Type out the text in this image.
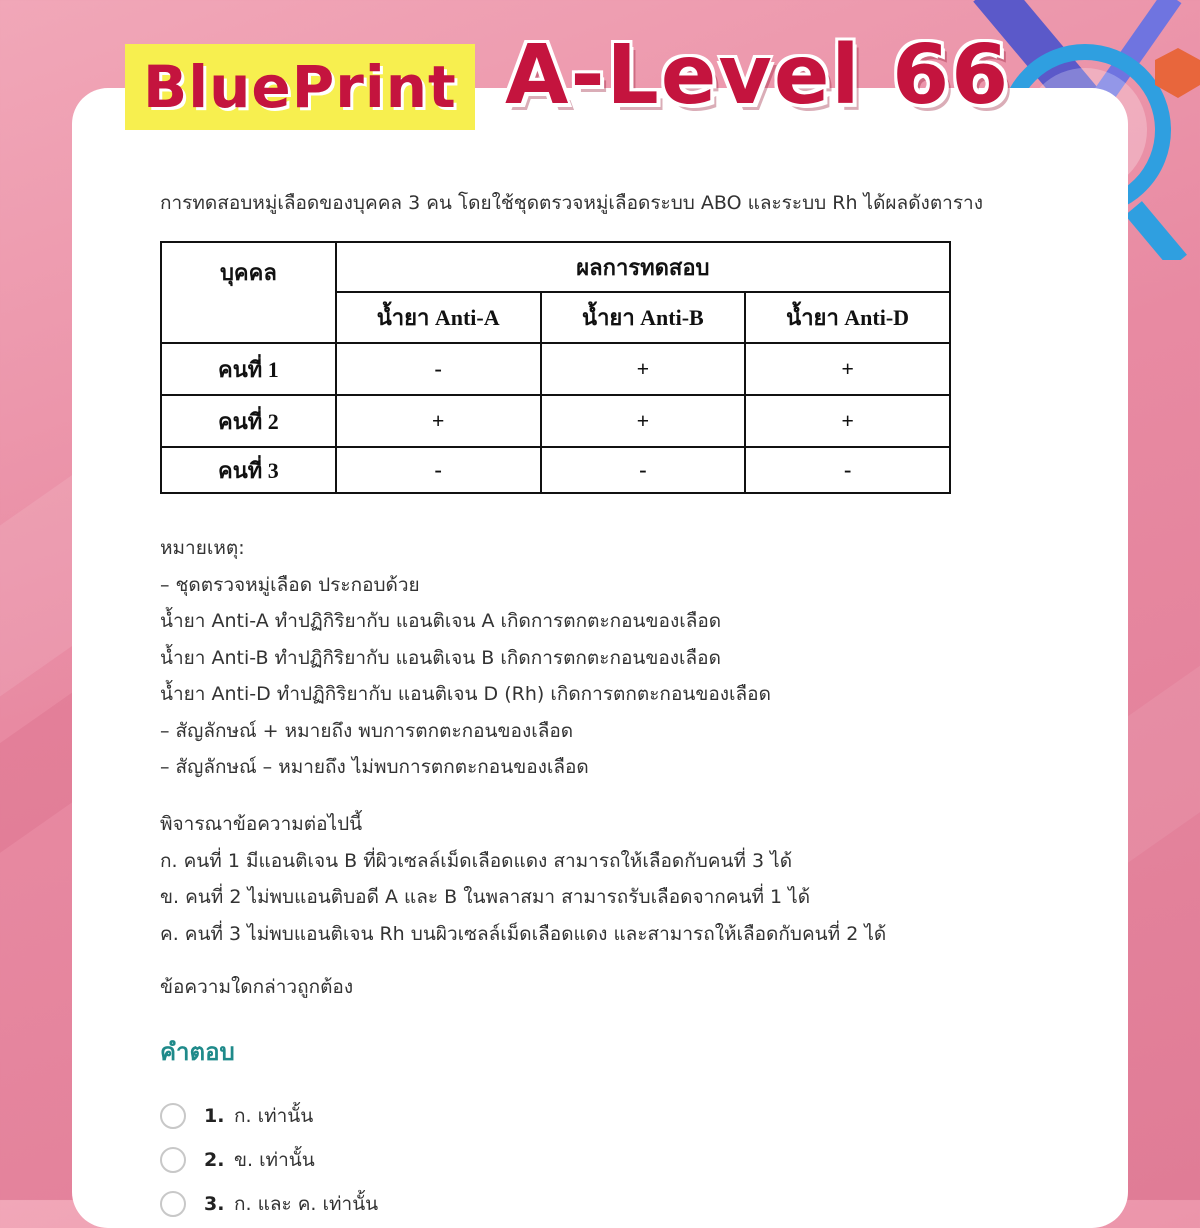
BluePrint A-Level 66

การทดสอบหมู่เลือดของบุคคล 3 คน โดยใช้ชุดตรวจหมู่เลือดระบบ ABO และระบบ Rh ได้ผลดังตาราง

บุคคล	ผลการทดสอบ		
	น้ำยา Anti-A	น้ำยา Anti-B	น้ำยา Anti-D
คนที่ 1	-	+	+
คนที่ 2	+	+	+
คนที่ 3	-	-	-

หมายเหตุ:

– ชุดตรวจหมู่เลือด ประกอบด้วย

น้ำยา Anti-A ทำปฏิกิริยากับ แอนติเจน A เกิดการตกตะกอนของเลือด

น้ำยา Anti-B ทำปฏิกิริยากับ แอนติเจน B เกิดการตกตะกอนของเลือด

น้ำยา Anti-D ทำปฏิกิริยากับ แอนติเจน D (Rh) เกิดการตกตะกอนของเลือด

– สัญลักษณ์ + หมายถึง พบการตกตะกอนของเลือด

– สัญลักษณ์ – หมายถึง ไม่พบการตกตะกอนของเลือด

พิจารณาข้อความต่อไปนี้

ก. คนที่ 1 มีแอนติเจน B ที่ผิวเซลล์เม็ดเลือดแดง สามารถให้เลือดกับคนที่ 3 ได้

ข. คนที่ 2 ไม่พบแอนติบอดี A และ B ในพลาสมา สามารถรับเลือดจากคนที่ 1 ได้

ค. คนที่ 3 ไม่พบแอนติเจน Rh บนผิวเซลล์เม็ดเลือดแดง และสามารถให้เลือดกับคนที่ 2 ได้

ข้อความใดกล่าวถูกต้อง

คำตอบ

1. ก. เท่านั้น
2. ข. เท่านั้น
3. ก. และ ค. เท่านั้น
